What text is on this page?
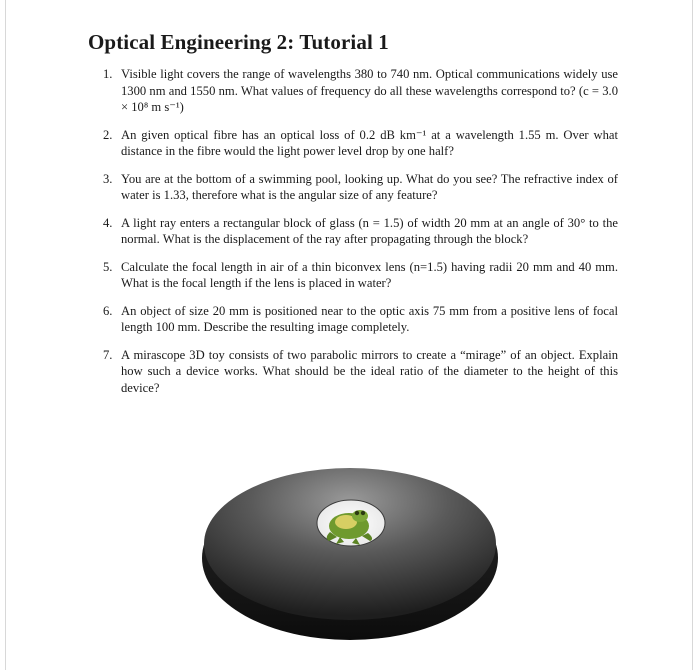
Optical Engineering 2: Tutorial 1
1. Visible light covers the range of wavelengths 380 to 740 nm. Optical communications widely use 1300 nm and 1550 nm. What values of frequency do all these wavelengths correspond to? (c = 3.0 × 10⁸ m s⁻¹)
2. An given optical fibre has an optical loss of 0.2 dB km⁻¹ at a wavelength 1.55 m. Over what distance in the fibre would the light power level drop by one half?
3. You are at the bottom of a swimming pool, looking up. What do you see? The refractive index of water is 1.33, therefore what is the angular size of any feature?
4. A light ray enters a rectangular block of glass (n = 1.5) of width 20 mm at an angle of 30° to the normal. What is the displacement of the ray after propagating through the block?
5. Calculate the focal length in air of a thin biconvex lens (n=1.5) having radii 20 mm and 40 mm. What is the focal length if the lens is placed in water?
6. An object of size 20 mm is positioned near to the optic axis 75 mm from a positive lens of focal length 100 mm. Describe the resulting image completely.
7. A mirascope 3D toy consists of two parabolic mirrors to create a “mirage” of an object. Explain how such a device works. What should be the ideal ratio of the diameter to the height of this device?
